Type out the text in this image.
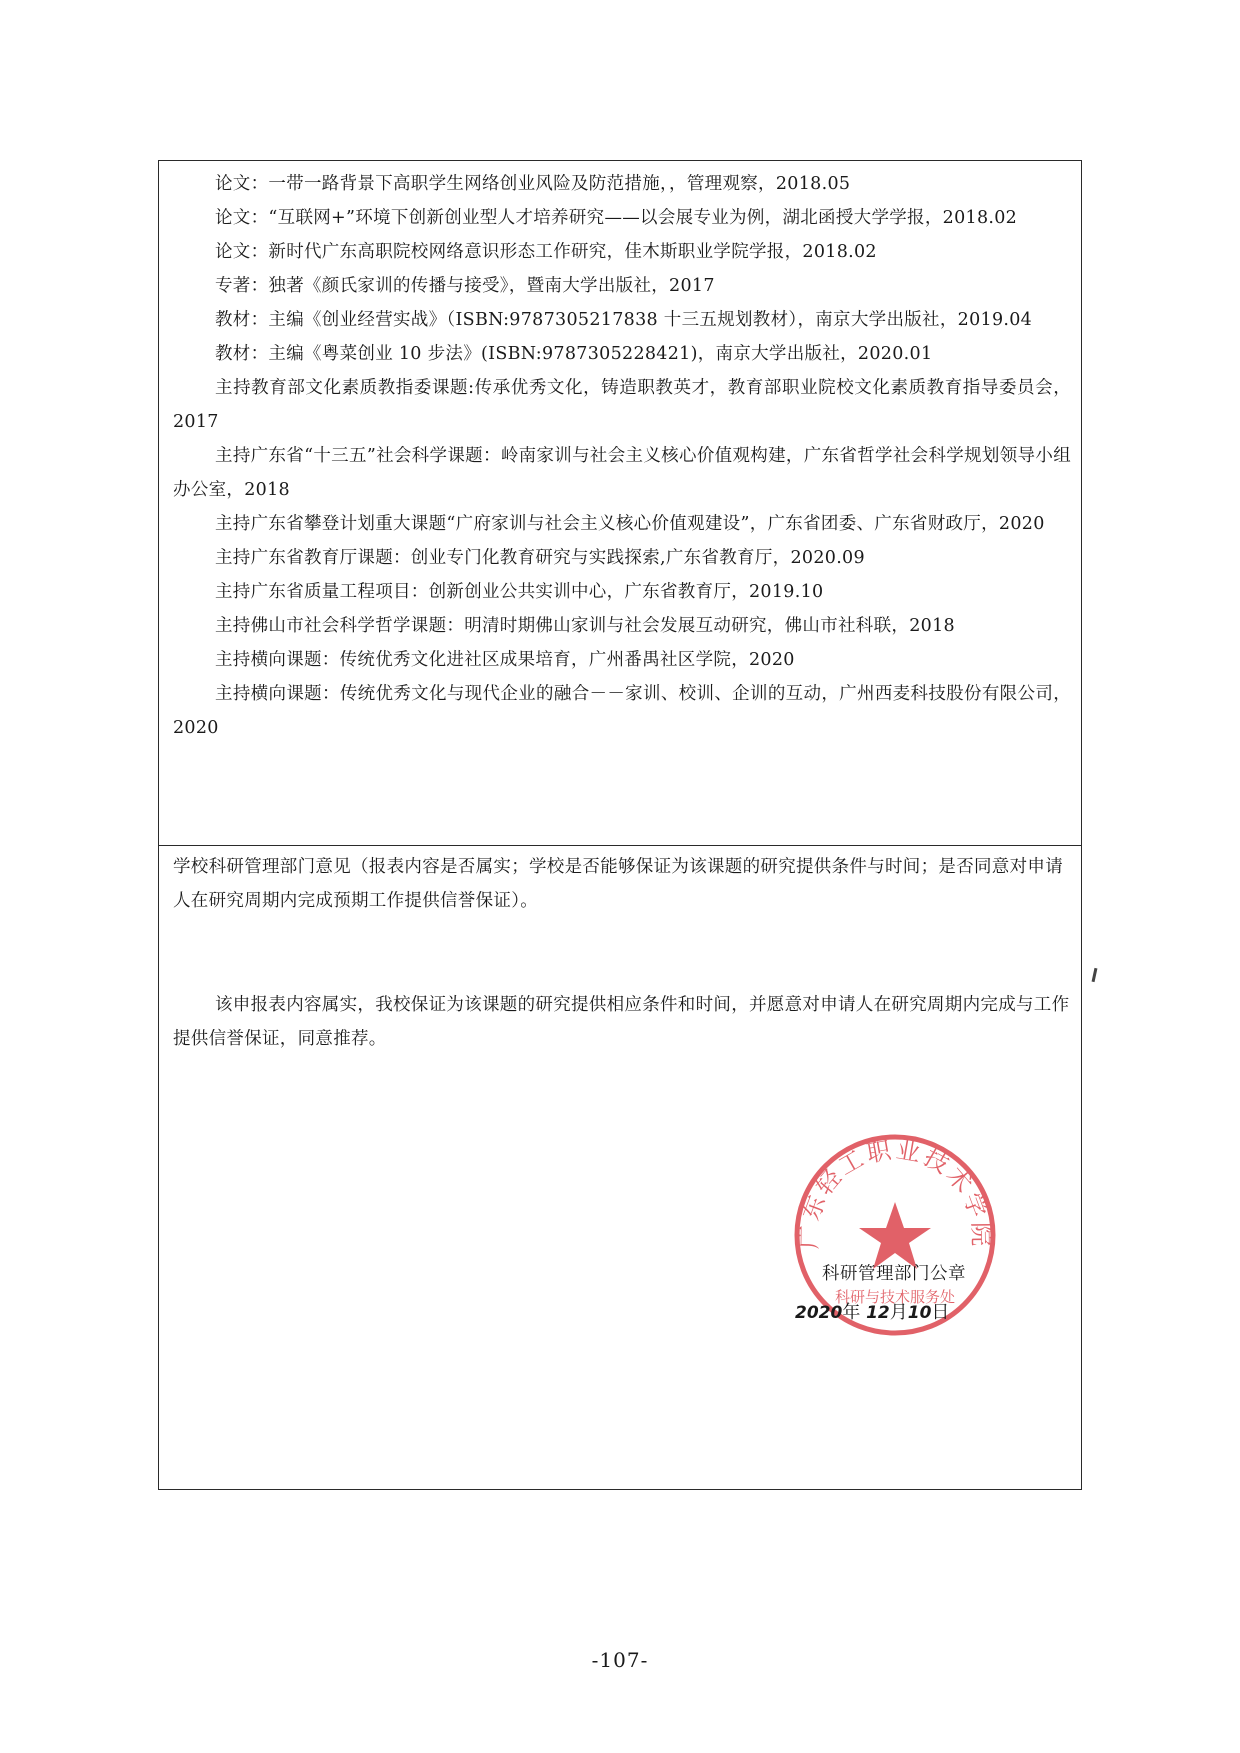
论文：一带一路背景下高职学生网络创业风险及防范措施，，管理观察，2018.05

论文：“互联网+”环境下创新创业型人才培养研究——以会展专业为例，湖北函授大学学报，2018.02

论文：新时代广东高职院校网络意识形态工作研究，佳木斯职业学院学报，2018.02

专著：独著《颜氏家训的传播与接受》，暨南大学出版社，2017

教材：主编《创业经营实战》（ISBN:9787305217838 十三五规划教材），南京大学出版社，2019.04

教材：主编《粤菜创业 10 步法》(ISBN:9787305228421)，南京大学出版社，2020.01

主持教育部文化素质教指委课题:传承优秀文化，铸造职教英才，教育部职业院校文化素质教育指导委员会，2017

主持广东省“十三五”社会科学课题：岭南家训与社会主义核心价值观构建，广东省哲学社会科学规划领导小组办公室，2018

主持广东省攀登计划重大课题“广府家训与社会主义核心价值观建设”，广东省团委、广东省财政厅，2020

主持广东省教育厅课题：创业专门化教育研究与实践探索,广东省教育厅，2020.09

主持广东省质量工程项目：创新创业公共实训中心，广东省教育厅，2019.10

主持佛山市社会科学哲学课题：明清时期佛山家训与社会发展互动研究，佛山市社科联，2018

主持横向课题：传统优秀文化进社区成果培育，广州番禺社区学院，2020

主持横向课题：传统优秀文化与现代企业的融合－－家训、校训、企训的互动，广州西麦科技股份有限公司，2020

学校科研管理部门意见（报表内容是否属实；学校是否能够保证为该课题的研究提供条件与时间；是否同意对申请人在研究周期内完成预期工作提供信誉保证）。

该申报表内容属实，我校保证为该课题的研究提供相应条件和时间，并愿意对申请人在研究周期内完成与工作提供信誉保证，同意推荐。

广东轻工职业技术学院
科研与技术服务处
科研管理部门公章
2020年 12月10日
-107-
